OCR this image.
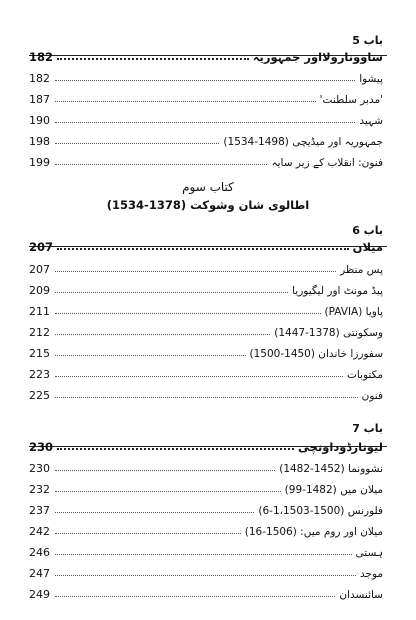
باب 5
182	ساوونارولااور جمہوریہ
182	پیشوا
187	'مدبر سلطنت'
190	شہید
198	جمہوریہ اور میڈیچی (1498-1534)
199	فنون: انقلاب کے زیر سایہ
کتاب سوم
اطالوی شان وشوکت (1378-1534)
باب 6
207	میلان
207	پس منظر
209	پیڈ مونٹ اور لیگیوریا
211	پاویا (PAVIA)
212	وسکونتی (1378-1447)
215	سفورزا خاندان (1450-1500)
223	مکتوبات
225	فنون
باب 7
230	لیونارڈوداونچی
230	نشوونما (1452-1482)
232	میلان میں (1482-99)
237	فلورنس (1500-1،1503-6)
242	میلان اور روم میں: (1506-16)
246	ہستی
247	موجد
249	سائنسدان
